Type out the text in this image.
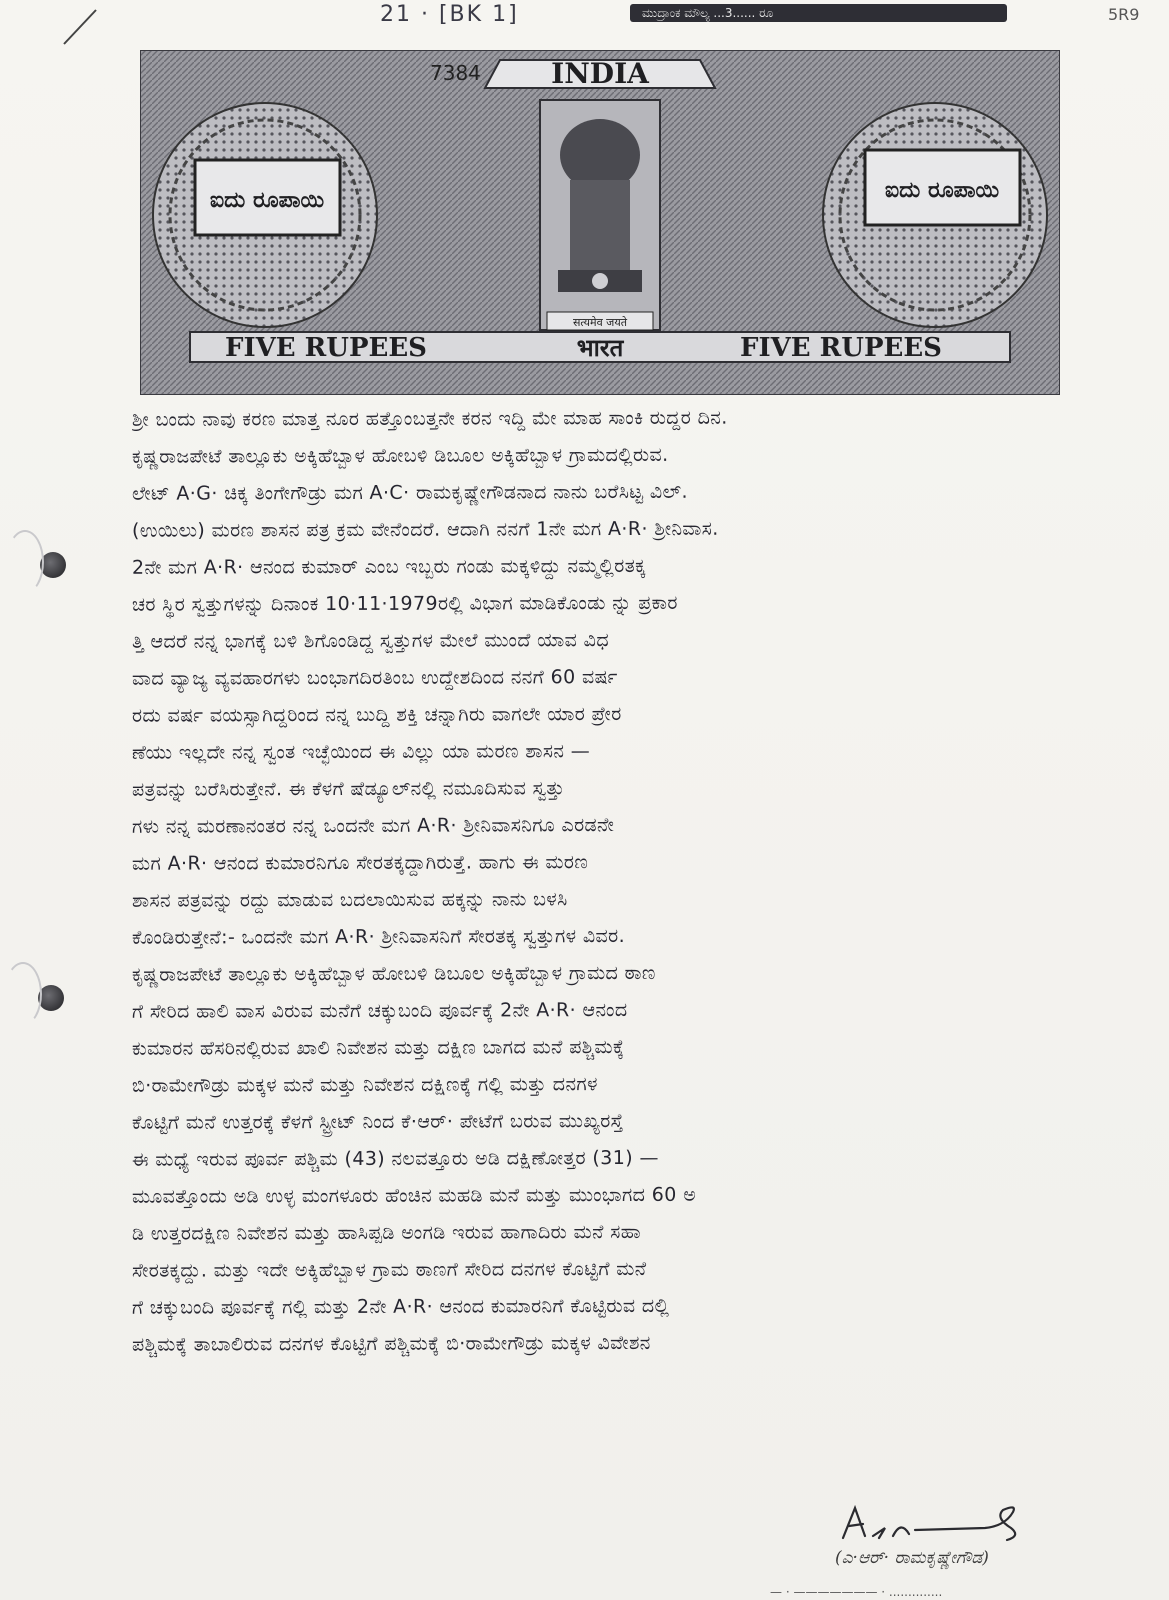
21 · [BK 1]	ಮುದ್ರಾಂಕ ಮೌಲ್ಯ ...3...... ರೂ	5R9
INDIA
7384
ಐದು ರೂಪಾಯಿ	ಐದು ರೂಪಾಯಿ
सत्यमेव जयते
FIVE RUPEES	भारत	FIVE RUPEES
ಶ್ರೀ ಬಂದು ನಾವು ಕರಣ ಮಾತ್ತ ನೂರ ಹತ್ತೊಂಬತ್ತನೇ ಕರನ ಇದ್ದಿ ಮೇ ಮಾಹ ಸಾಂಕಿ ರುದ್ದರ ದಿನ.
ಕೃಷ್ಣರಾಜಪೇಟೆ ತಾಲ್ಲೂಕು ಅಕ್ಕಿಹೆಬ್ಬಾಳ ಹೋಬಳಿ ಡಿಬೂಲ ಅಕ್ಕಿಹೆಬ್ಬಾಳ ಗ್ರಾಮದಲ್ಲಿರುವ.
ಲೇಟ್ A·G· ಚಿಕ್ಕ ತಿಂಗೇಗೌಡ್ರು ಮಗ A·C· ರಾಮಕೃಷ್ಣೇಗೌಡನಾದ ನಾನು ಬರೆಸಿಟ್ಟ ವಿಲ್.
(ಉಯಿಲು) ಮರಣ ಶಾಸನ ಪತ್ರ ಕ್ರಮ ವೇನೆಂದರೆ. ಆದಾಗಿ ನನಗೆ 1ನೇ ಮಗ A·R· ಶ್ರೀನಿವಾಸ.
2ನೇ ಮಗ A·R· ಆನಂದ ಕುಮಾರ್ ಎಂಬ ಇಬ್ಬರು ಗಂಡು ಮಕ್ಕಳಿದ್ದು ನಮ್ಮಲ್ಲಿರತಕ್ಕ
ಚರ ಸ್ಥಿರ ಸ್ವತ್ತುಗಳನ್ನು ದಿನಾಂಕ 10·11·1979ರಲ್ಲಿ ವಿಭಾಗ ಮಾಡಿಕೊಂಡು ನ್ನು ಪ್ರಕಾರ
ತ್ತಿ ಆದರೆ ನನ್ನ ಭಾಗಕ್ಕೆ ಬಳಿ ಶಿಗೊಂಡಿದ್ದ ಸ್ವತ್ತುಗಳ ಮೇಲೆ ಮುಂದೆ ಯಾವ ವಿಧ
ವಾದ ವ್ಯಾಜ್ಯ ವ್ಯವಹಾರಗಳು ಬಂಭಾಗದಿರತಿಂಬ ಉದ್ದೇಶದಿಂದ ನನಗೆ 60 ವರ್ಷ
ರದು ವರ್ಷ ವಯಸ್ಸಾಗಿದ್ದರಿಂದ ನನ್ನ ಬುದ್ದಿ ಶಕ್ತಿ ಚನ್ನಾಗಿರು ವಾಗಲೇ ಯಾರ ಪ್ರೇರ
ಣೆಯು ಇಲ್ಲದೇ ನನ್ನ ಸ್ವಂತ ಇಚ್ಛೆಯಿಂದ ಈ ವಿಲ್ಲು ಯಾ ಮರಣ ಶಾಸನ —
ಪತ್ರವನ್ನು ಬರೆಸಿರುತ್ತೇನೆ. ಈ ಕೆಳಗೆ ಷೆಡ್ಯೂಲ್‌ನಲ್ಲಿ ನಮೂದಿಸುವ ಸ್ವತ್ತು
ಗಳು ನನ್ನ ಮರಣಾನಂತರ ನನ್ನ ಒಂದನೇ ಮಗ A·R· ಶ್ರೀನಿವಾಸನಿಗೂ ಎರಡನೇ
ಮಗ A·R· ಆನಂದ ಕುಮಾರನಿಗೂ ಸೇರತಕ್ಕದ್ದಾಗಿರುತ್ತೆ. ಹಾಗು ಈ ಮರಣ
ಶಾಸನ ಪತ್ರವನ್ನು ರದ್ದು ಮಾಡುವ ಬದಲಾಯಿಸುವ ಹಕ್ಕನ್ನು ನಾನು ಬಳಸಿ
ಕೊಂಡಿರುತ್ತೇನೆ:- ಒಂದನೇ ಮಗ A·R· ಶ್ರೀನಿವಾಸನಿಗೆ ಸೇರತಕ್ಕ ಸ್ವತ್ತುಗಳ ವಿವರ.
ಕೃಷ್ಣರಾಜಪೇಟೆ ತಾಲ್ಲೂಕು ಅಕ್ಕಿಹೆಬ್ಬಾಳ ಹೋಬಳಿ ಡಿಬೂಲ ಅಕ್ಕಿಹೆಬ್ಬಾಳ ಗ್ರಾಮದ ಠಾಣ
ಗೆ ಸೇರಿದ ಹಾಲಿ ವಾಸ ವಿರುವ ಮನೆಗೆ ಚಕ್ಕುಬಂದಿ ಪೂರ್ವಕ್ಕೆ 2ನೇ A·R· ಆನಂದ
ಕುಮಾರನ ಹೆಸರಿನಲ್ಲಿರುವ ಖಾಲಿ ನಿವೇಶನ ಮತ್ತು ದಕ್ಷಿಣ ಬಾಗದ ಮನೆ ಪಶ್ಚಿಮಕ್ಕೆ
ಬಿ·ರಾಮೇಗೌಡ್ರು ಮಕ್ಕಳ ಮನೆ ಮತ್ತು ನಿವೇಶನ ದಕ್ಷಿಣಕ್ಕೆ ಗಲ್ಲಿ ಮತ್ತು ದನಗಳ
ಕೊಟ್ಟಿಗೆ ಮನೆ ಉತ್ತರಕ್ಕೆ ಕೆಳಗೆ ಸ್ಟ್ರೀಟ್ ನಿಂದ ಕೆ·ಆರ್· ಪೇಟೆಗೆ ಬರುವ ಮುಖ್ಯರಸ್ತೆ
ಈ ಮಧ್ಯೆ ಇರುವ ಪೂರ್ವ ಪಶ್ಚಿಮ (43) ನಲವತ್ತೂರು ಅಡಿ ದಕ್ಷಿಣೋತ್ತರ (31) —
ಮೂವತ್ತೊಂದು ಅಡಿ ಉಳ್ಳ ಮಂಗಳೂರು ಹೆಂಚಿನ ಮಹಡಿ ಮನೆ ಮತ್ತು ಮುಂಭಾಗದ 60 ಅ
ಡಿ ಉತ್ತರದಕ್ಷಿಣ ನಿವೇಶನ ಮತ್ತು ಹಾಸಿಪ್ಪಡಿ ಅಂಗಡಿ ಇರುವ ಹಾಗಾದಿರು ಮನೆ ಸಹಾ
ಸೇರತಕ್ಕದ್ದು. ಮತ್ತು ಇದೇ ಅಕ್ಕಿಹೆಬ್ಬಾಳ ಗ್ರಾಮ ಠಾಣಗೆ ಸೇರಿದ ದನಗಳ ಕೊಟ್ಟಿಗೆ ಮನೆ
ಗೆ ಚಕ್ಕುಬಂದಿ ಪೂರ್ವಕ್ಕೆ ಗಲ್ಲಿ ಮತ್ತು 2ನೇ A·R· ಆನಂದ ಕುಮಾರನಿಗೆ ಕೊಟ್ಟಿರುವ ದಲ್ಲಿ
ಪಶ್ಚಿಮಕ್ಕೆ ತಾಬಾಲಿರುವ ದನಗಳ ಕೊಟ್ಟಿಗೆ ಪಶ್ಚಿಮಕ್ಕೆ ಬಿ·ರಾಮೇಗೌಡ್ರು ಮಕ್ಕಳ ವಿವೇಶನ
(ಎ·ಆರ್· ರಾಮಕೃಷ್ಣೇಗೌಡ)
— · ——————— · ..............
